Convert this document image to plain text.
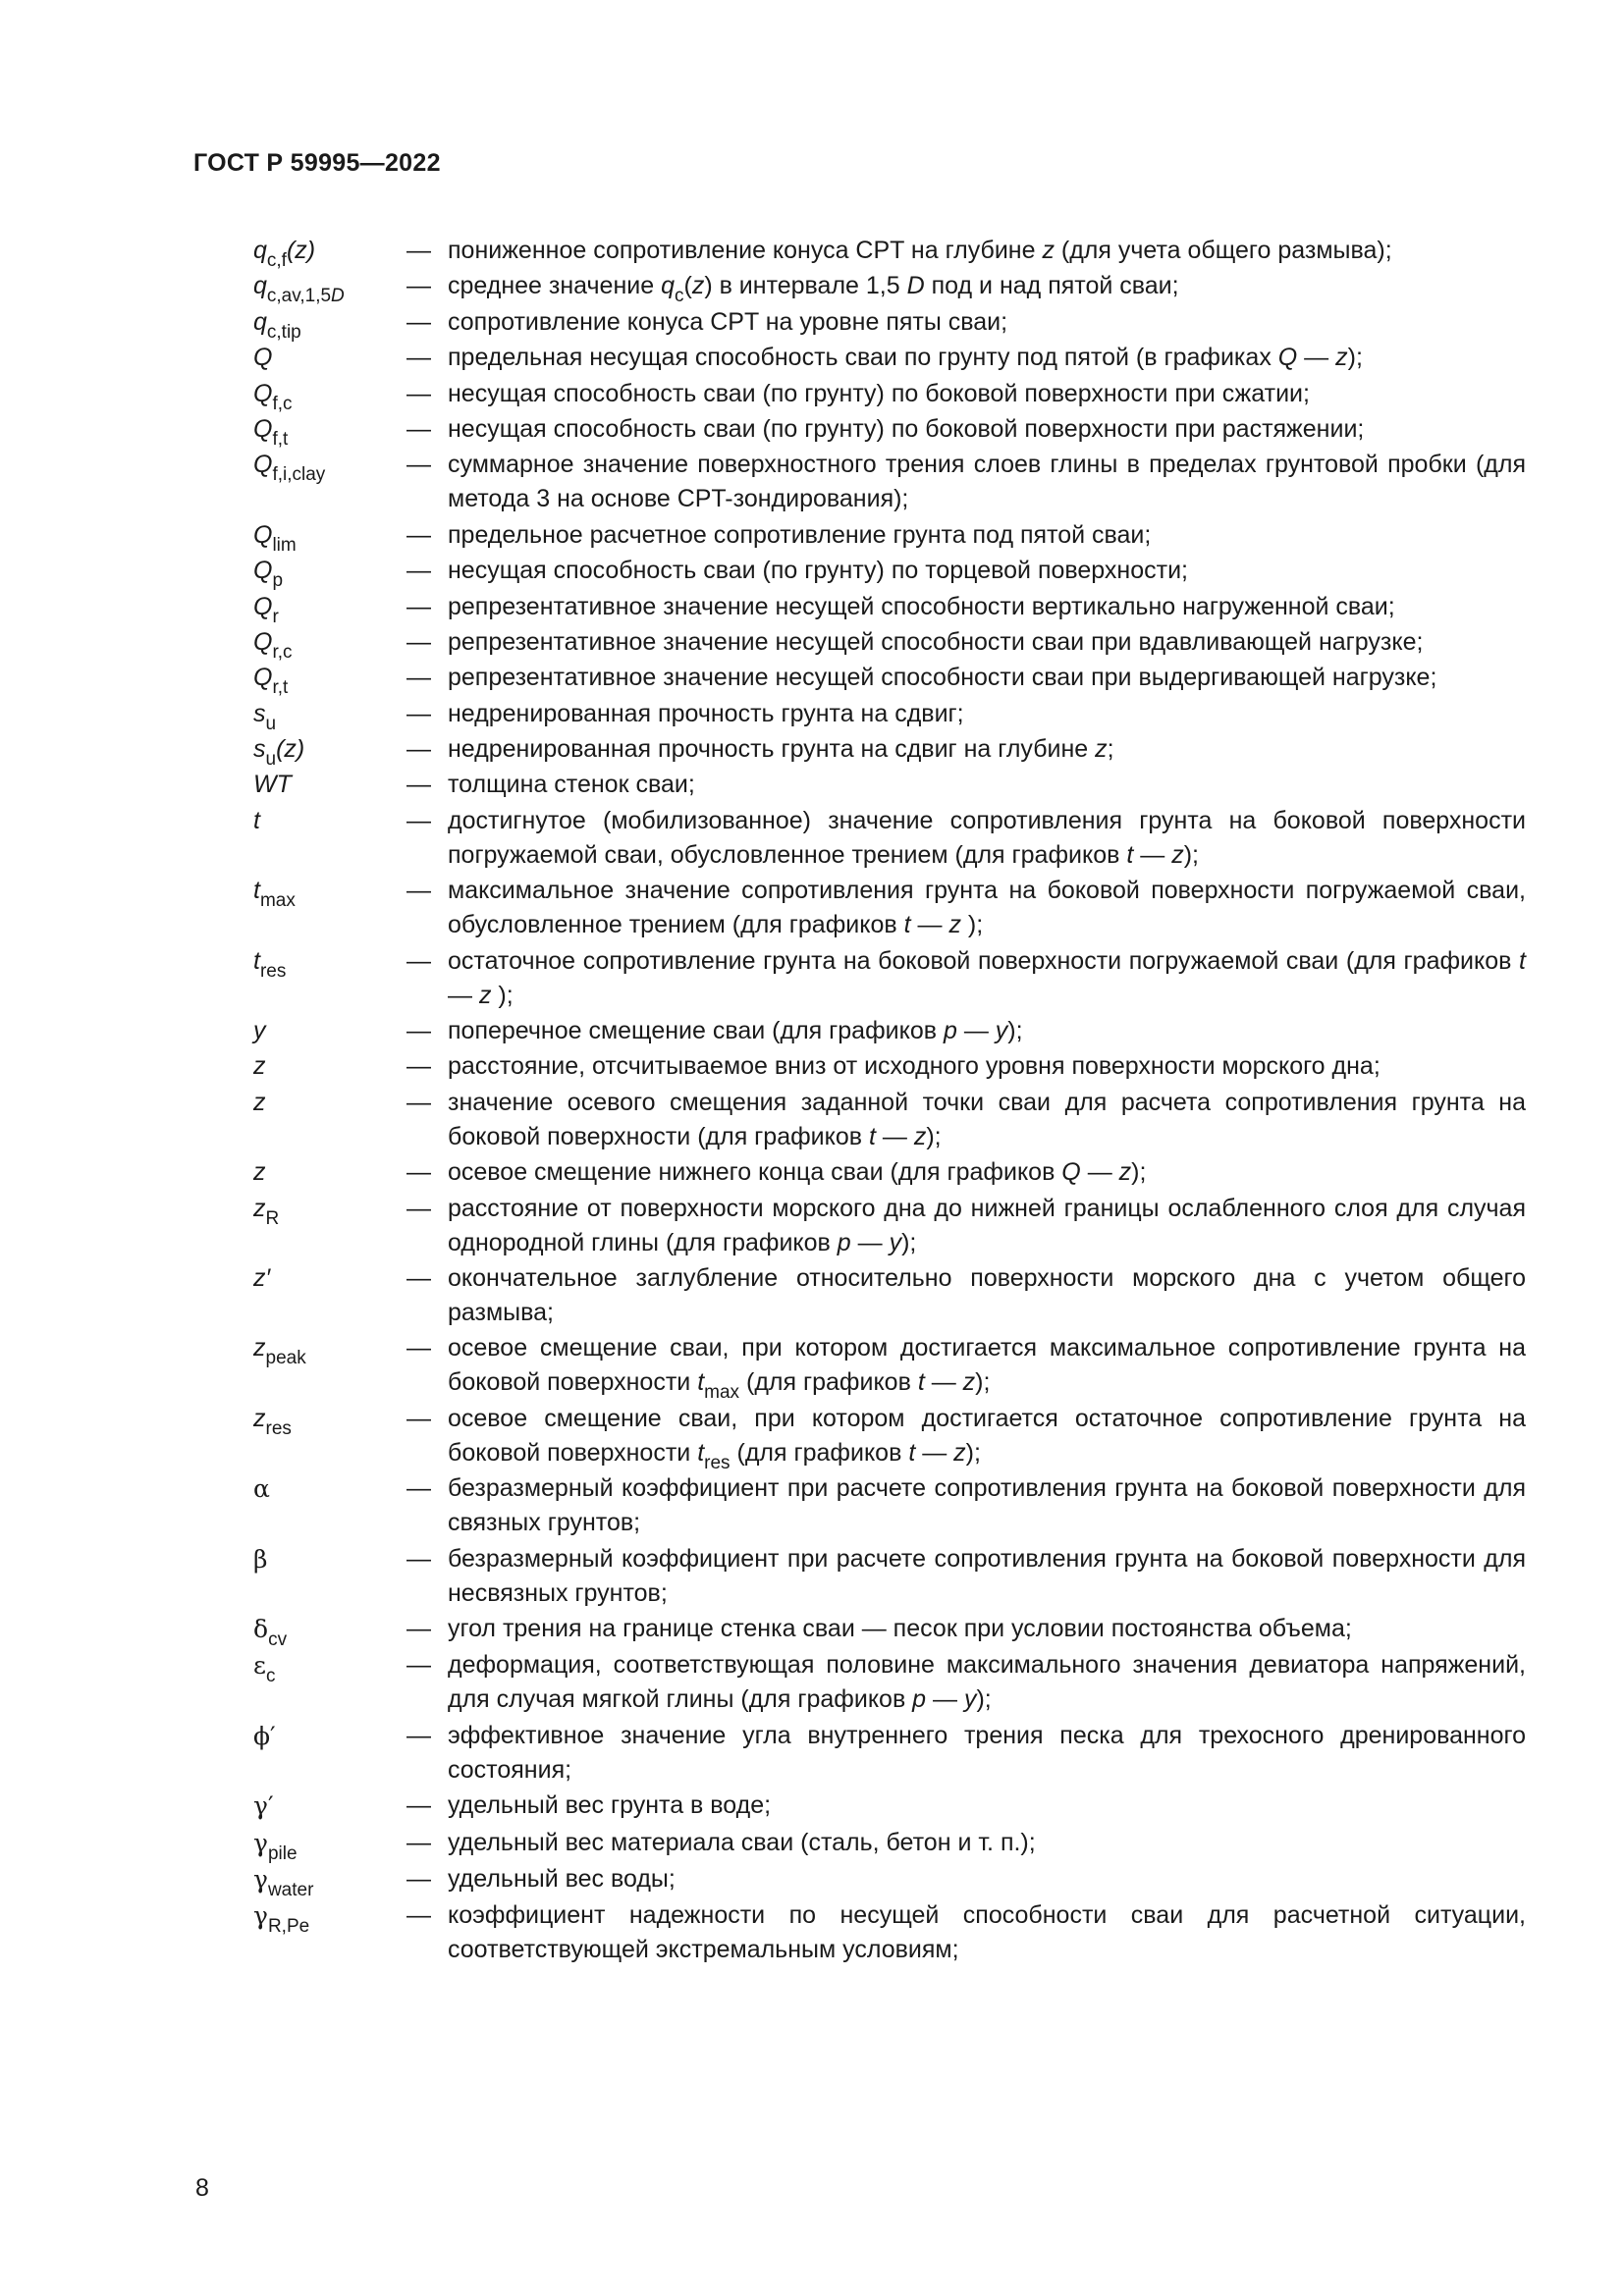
ГОСТ Р 59995—2022
$q_{c,f}(z)$	— пониженное сопротивление конуса CPT на глубине z (для учета общего размыва);
$q_{c,av,1,5D}$	— среднее значение $q_c(z)$ в интервале 1,5 D под и над пятой сваи;
$q_{c,tip}$	— сопротивление конуса CPT на уровне пяты сваи;
Q	— предельная несущая способность сваи по грунту под пятой (в графиках Q — z);
$Q_{f,c}$	— несущая способность сваи (по грунту) по боковой поверхности при сжатии;
$Q_{f,t}$	— несущая способность сваи (по грунту) по боковой поверхности при растяжении;
$Q_{f,i,clay}$	— суммарное значение поверхностного трения слоев глины в пределах грунтовой пробки (для метода 3 на основе CPT-зондирования);
$Q_{lim}$	— предельное расчетное сопротивление грунта под пятой сваи;
$Q_p$	— несущая способность сваи (по грунту) по торцевой поверхности;
$Q_r$	— репрезентативное значение несущей способности вертикально нагруженной сваи;
$Q_{r,c}$	— репрезентативное значение несущей способности сваи при вдавливающей нагрузке;
$Q_{r,t}$	— репрезентативное значение несущей способности сваи при выдергивающей нагрузке;
$s_u$	— недренированная прочность грунта на сдвиг;
$s_u(z)$	— недренированная прочность грунта на сдвиг на глубине z;
WT	— толщина стенок сваи;
t	— достигнутое (мобилизованное) значение сопротивления грунта на боковой поверхности погружаемой сваи, обусловленное трением (для графиков t — z);
$t_{max}$	— максимальное значение сопротивления грунта на боковой поверхности погружаемой сваи, обусловленное трением (для графиков t — z );
$t_{res}$	— остаточное сопротивление грунта на боковой поверхности погружаемой сваи (для графиков t — z );
y	— поперечное смещение сваи (для графиков p — y);
z	— расстояние, отсчитываемое вниз от исходного уровня поверхности морского дна;
z	— значение осевого смещения заданной точки сваи для расчета сопротивления грунта на боковой поверхности (для графиков t — z);
z	— осевое смещение нижнего конца сваи (для графиков Q — z);
$z_R$	— расстояние от поверхности морского дна до нижней границы ослабленного слоя для случая однородной глины (для графиков p — y);
z′	— окончательное заглубление относительно поверхности морского дна с учетом общего размыва;
$z_{peak}$	— осевое смещение сваи, при котором достигается максимальное сопротивление грунта на боковой поверхности $t_{max}$ (для графиков t — z);
$z_{res}$	— осевое смещение сваи, при котором достигается остаточное сопротивление грунта на боковой поверхности $t_{res}$ (для графиков t — z);
α	— безразмерный коэффициент при расчете сопротивления грунта на боковой поверхности для связных грунтов;
β	— безразмерный коэффициент при расчете сопротивления грунта на боковой поверхности для несвязных грунтов;
$\delta_{cv}$	— угол трения на границе стенка сваи — песок при условии постоянства объема;
$\varepsilon_c$	— деформация, соответствующая половине максимального значения девиатора напряжений, для случая мягкой глины (для графиков p — y);
ϕ′	— эффективное значение угла внутреннего трения песка для трехосного дренированного состояния;
γ′	— удельный вес грунта в воде;
$\gamma_{pile}$	— удельный вес материала сваи (сталь, бетон и т. п.);
$\gamma_{water}$	— удельный вес воды;
$\gamma_{R,Pe}$	— коэффициент надежности по несущей способности сваи для расчетной ситуации, соответствующей экстремальным условиям;
8
